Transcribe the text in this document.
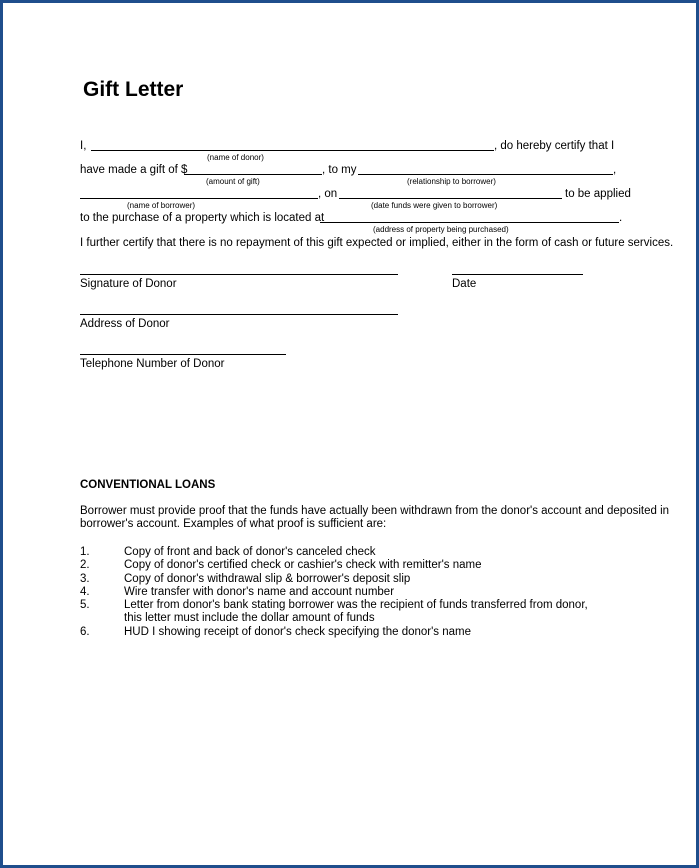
Gift Letter
I,	, do hereby certify that I
(name of donor)
have made a gift of $	, to my	,
(amount of gift)	(relationship to borrower)
, on	to be applied
(name of borrower)	(date funds were given to borrower)
to the purchase of a property which is located at	.
(address of property being purchased)
I further certify that there is no repayment of this gift expected or implied, either in the form of cash or future services.
Signature of Donor	Date
Address of Donor
Telephone Number of Donor
CONVENTIONAL LOANS
Borrower must provide proof that the funds have actually been withdrawn from the donor's account and deposited in borrower's account. Examples of what proof is sufficient are:
1.	Copy of front and back of donor's canceled check
2.	Copy of donor's certified check or cashier's check with remitter's name
3.	Copy of donor's withdrawal slip & borrower's deposit slip
4.	Wire transfer with donor's name and account number
5.	Letter from donor's bank stating borrower was the recipient of funds transferred from donor,
this letter must include the dollar amount of funds
6.	HUD I showing receipt of donor's check specifying the donor's name
